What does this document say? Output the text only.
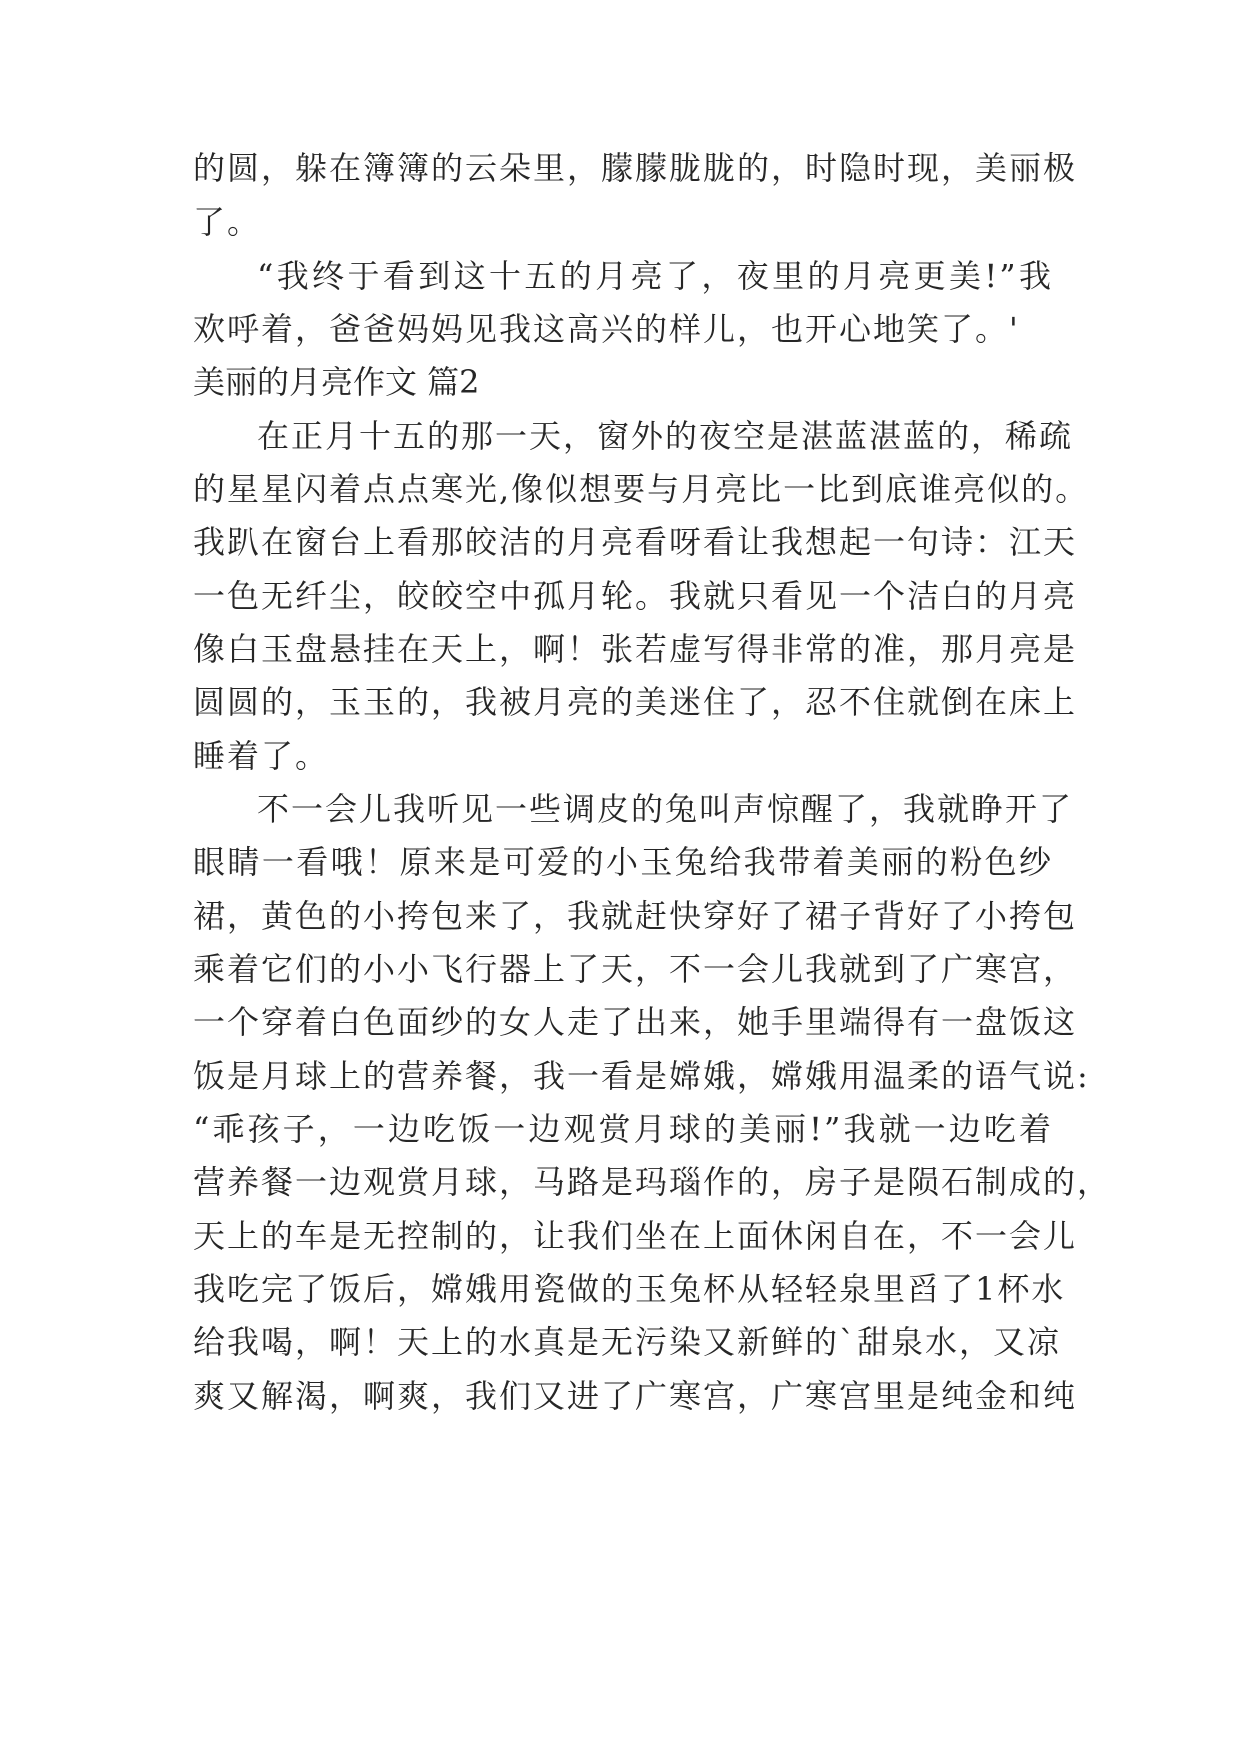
的圆，躲在簿簿的云朵里，朦朦胧胧的，时隐时现，美丽极
了。
“我终于看到这十五的月亮了，夜里的月亮更美!”我
欢呼着，爸爸妈妈见我这高兴的样儿，也开心地笑了。'
美丽的月亮作文 篇2
在正月十五的那一天，窗外的夜空是湛蓝湛蓝的，稀疏
的星星闪着点点寒光,像似想要与月亮比一比到底谁亮似的。
我趴在窗台上看那皎洁的月亮看呀看让我想起一句诗：江天
一色无纤尘，皎皎空中孤月轮。我就只看见一个洁白的月亮
像白玉盘悬挂在天上，啊！张若虚写得非常的准，那月亮是
圆圆的，玉玉的，我被月亮的美迷住了，忍不住就倒在床上
睡着了。
不一会儿我听见一些调皮的兔叫声惊醒了，我就睁开了
眼睛一看哦！原来是可爱的小玉兔给我带着美丽的粉色纱
裙，黄色的小挎包来了，我就赶快穿好了裙子背好了小挎包
乘着它们的小小飞行器上了天，不一会儿我就到了广寒宫，
一个穿着白色面纱的女人走了出来，她手里端得有一盘饭这
饭是月球上的营养餐，我一看是嫦娥，嫦娥用温柔的语气说:
“乖孩子，一边吃饭一边观赏月球的美丽!”我就一边吃着
营养餐一边观赏月球，马路是玛瑙作的，房子是陨石制成的，
天上的车是无控制的，让我们坐在上面休闲自在，不一会儿
我吃完了饭后，嫦娥用瓷做的玉兔杯从轻轻泉里舀了1杯水
给我喝，啊！天上的水真是无污染又新鲜的`甜泉水，又凉
爽又解渴，啊爽，我们又进了广寒宫，广寒宫里是纯金和纯
